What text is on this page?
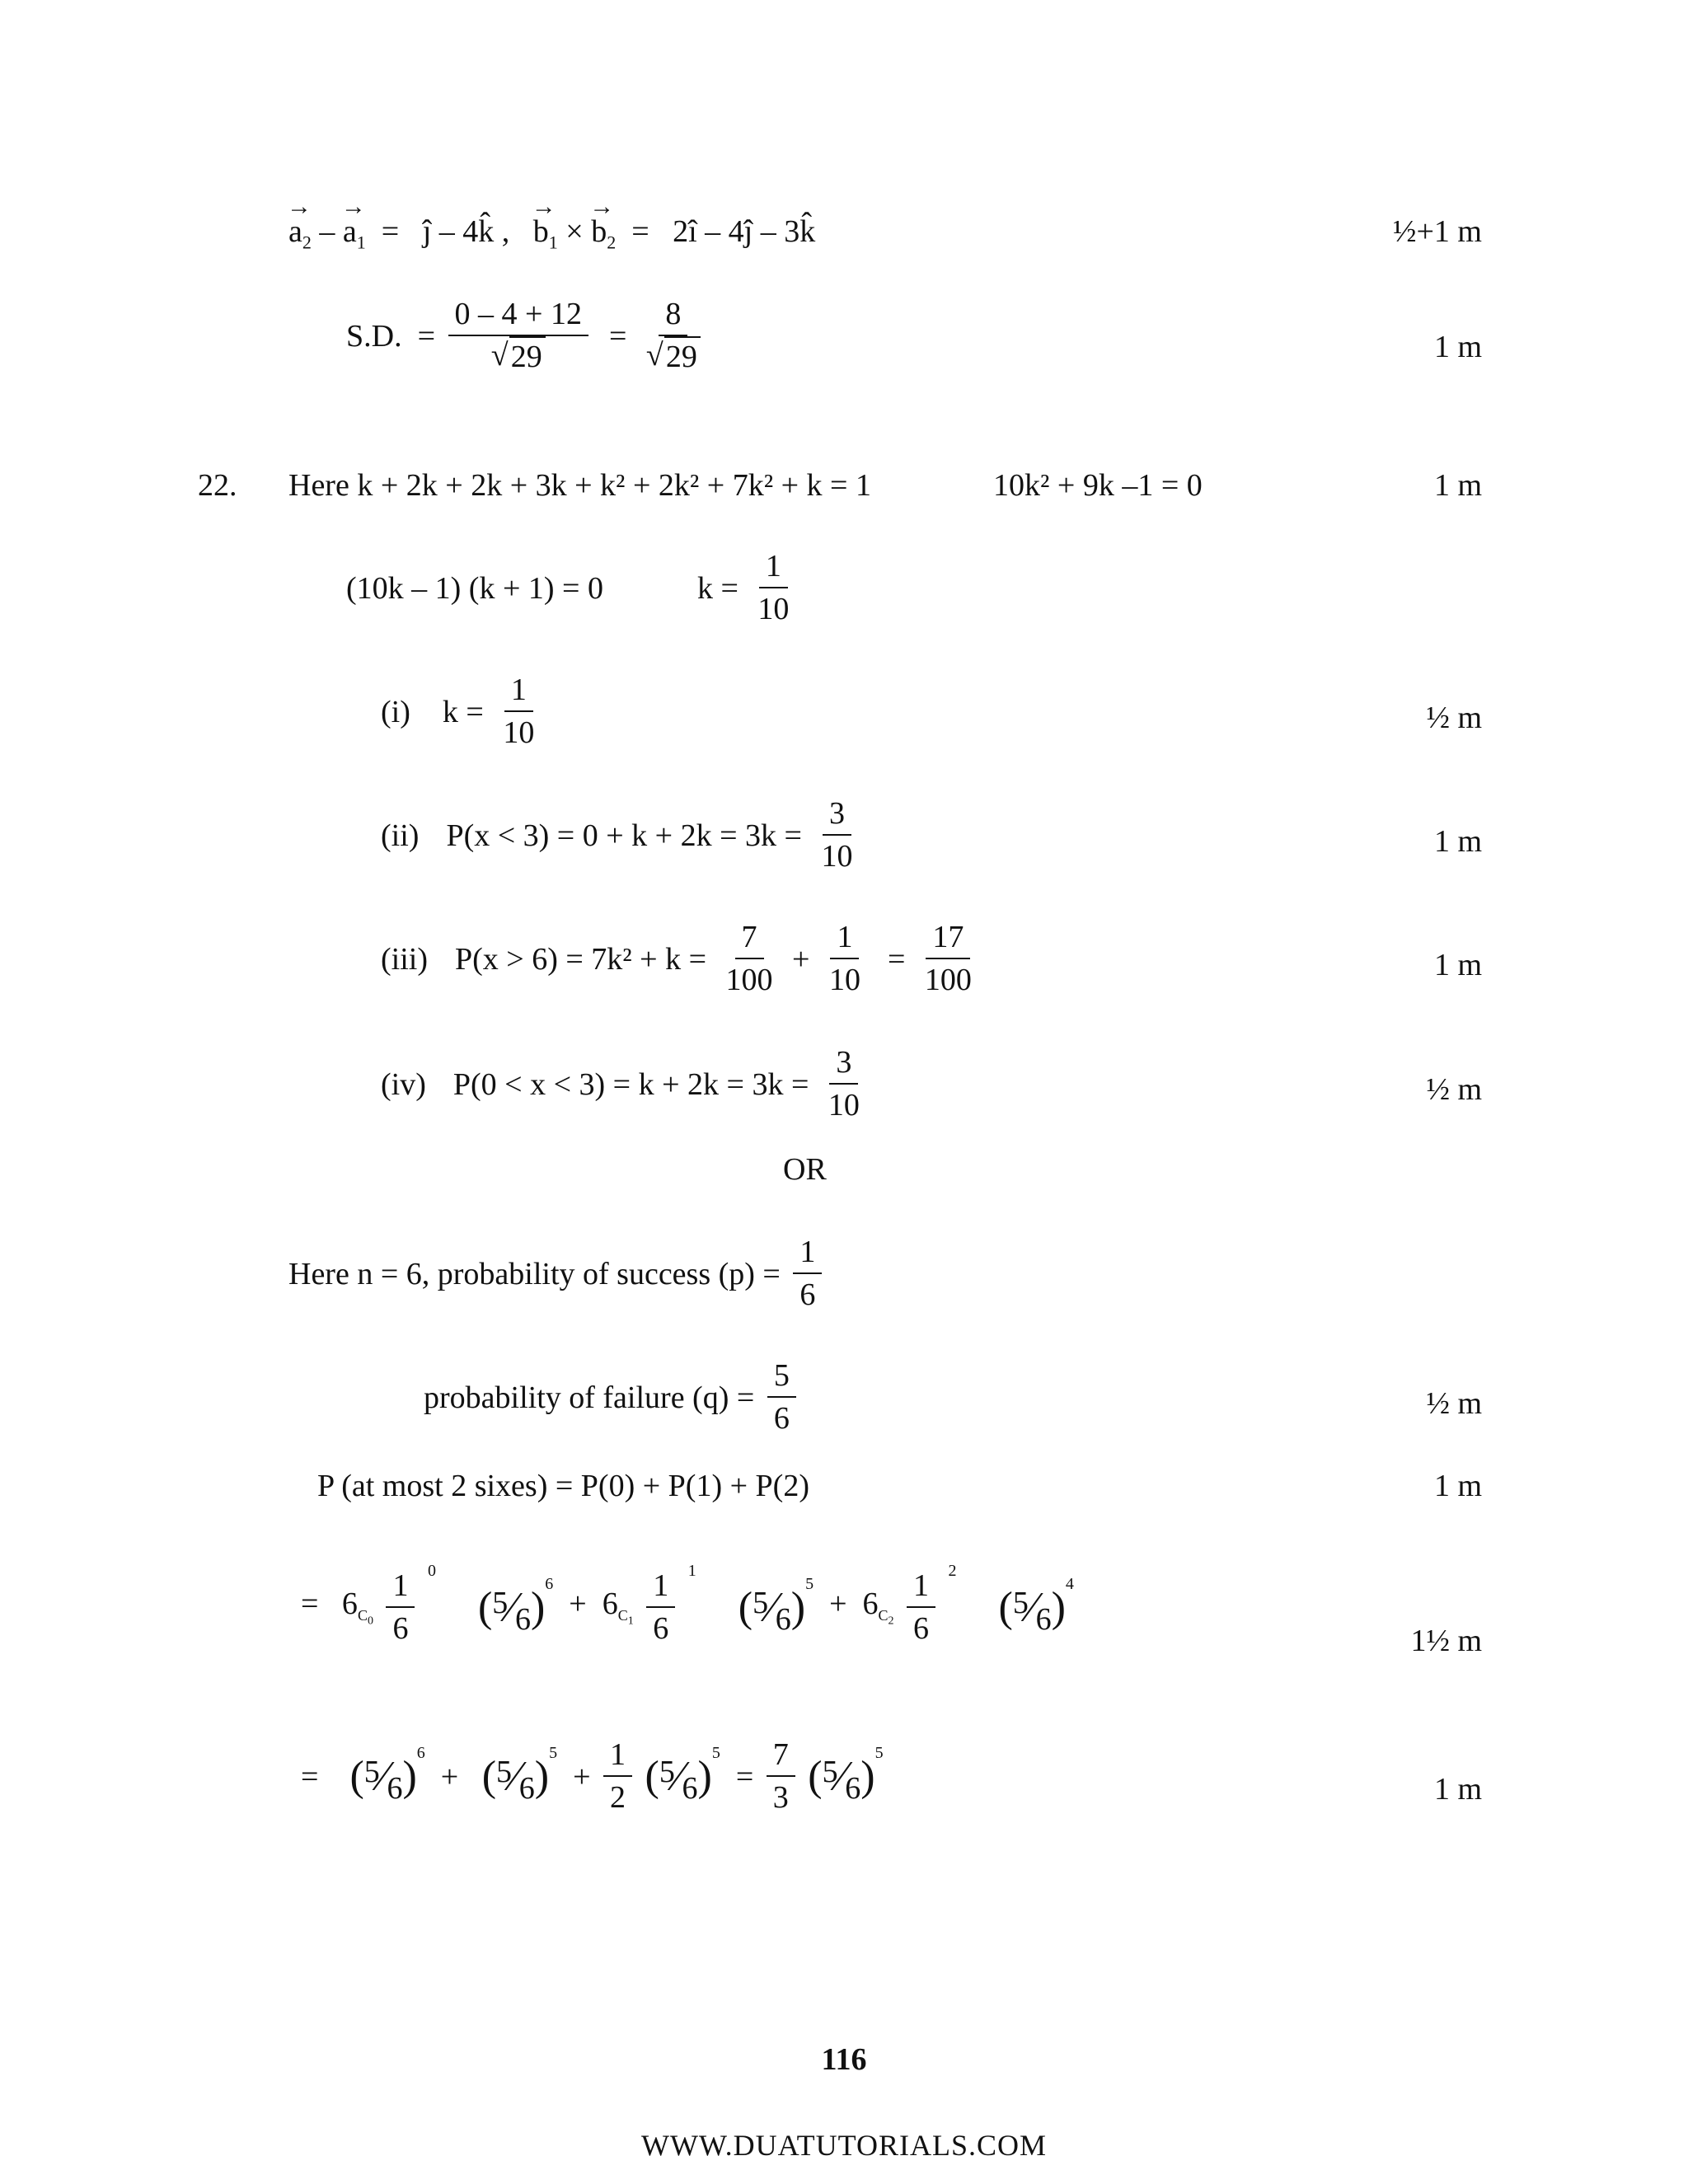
→ $a_2$ – → $a_1$  =   ĵ – 4k̂ ,   → $b_1$ × → $b_2$  =   2î – 4ĵ – 3k̂	½+1 m
S.D.  = 0 – 4 + 12
√ 29 = 8
√ 29	1 m
22. Here k + 2k + 2k + 3k + k² + 2k² + 7k² + k = 1	10k² + 9k –1 = 0	1 m
(10k – 1) (k + 1) = 0	$k = \frac{1}{10}$
(i) $k = \frac{1}{10}$	½ m
(ii) $P(x < 3) = 0 + k + 2k = 3k = \frac{3}{10}$	1 m
(iii) $P(x > 6) = 7k^2 + k = \frac{7}{100} + \frac{1}{10} = \frac{17}{100}$	1 m
(iv) $P(0 < x < 3) = k + 2k = 3k = \frac{3}{10}$	½ m
OR
Here n = 6, probability of success $(p) = \frac{1}{6}$
probability of failure $(q) = \frac{5}{6}$	½ m
P (at most 2 sixes) = P(0) + P(1) + P(2)	1 m
=   $6_{C_0} \frac{1}{6} ^0$  (5⁄6)$^6$  +  $6_{C_1} \frac{1}{6} ^1$  (5⁄6)$^5$  +  $6_{C_2} \frac{1}{6} ^2$  (5⁄6)$^4$
1½ m
=    (5⁄6)$^6$  +   (5⁄6)$^5$  + $\frac{1}{2}$ (5⁄6)$^5$  = $\frac{7}{3}$ (5⁄6)$^5$
1 m
116
WWW.DUATUTORIALS.COM
